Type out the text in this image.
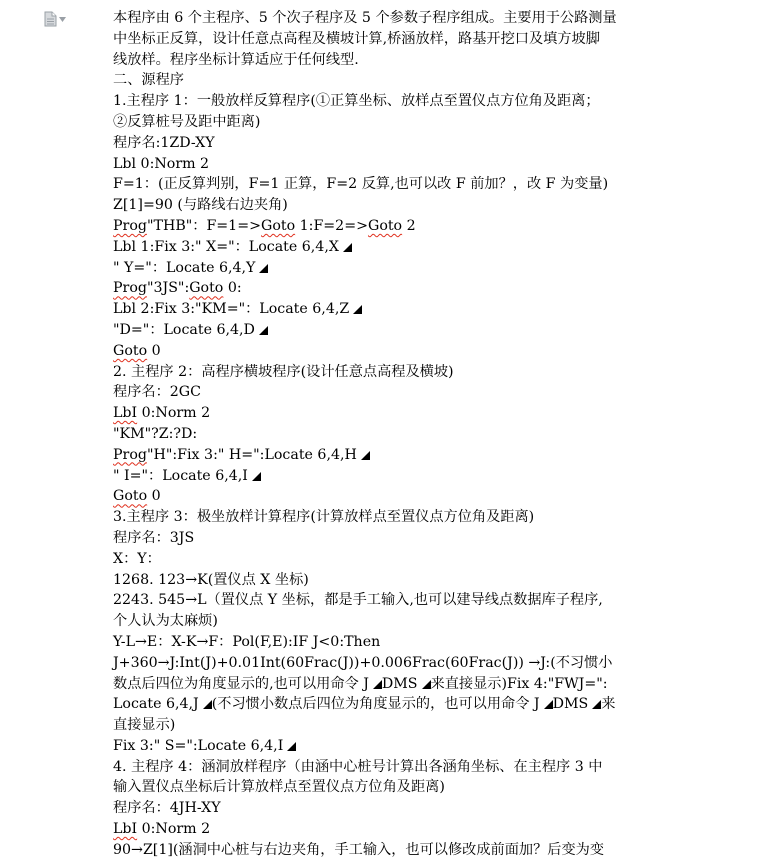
本程序由 6 个主程序、5 个次子程序及 5 个参数子程序组成。主要用于公路测量
中坐标正反算，设计任意点高程及横坡计算,桥涵放样，路基开挖口及填方坡脚
线放样。程序坐标计算适应于任何线型.
二、源程序
1.主程序 1：一般放样反算程序(①正算坐标、放样点至置仪点方位角及距离；
②反算桩号及距中距离)
程序名:1ZD-XY
Lbl 0:Norm 2
F=1：(正反算判别，F=1 正算，F=2 反算,也可以改 F 前加？，改 F 为变量)
Z[1]=90 (与路线右边夹角)
Prog"THB"：F=1=>Goto 1:F=2=>Goto 2
Lbl 1:Fix 3:" X="：Locate 6,4,X
" Y="：Locate 6,4,Y
Prog"3JS":Goto 0:
Lbl 2:Fix 3:"KM="：Locate 6,4,Z
"D="：Locate 6,4,D
Goto 0
2. 主程序 2：高程序横坡程序(设计任意点高程及横坡)
程序名：2GC
LbI 0:Norm 2
"KM"?Z:?D:
Prog"H":Fix 3:" H=":Locate 6,4,H
" I="：Locate 6,4,I
Goto 0
3.主程序 3：极坐放样计算程序(计算放样点至置仪点方位角及距离)
程序名：3JS
X：Y：
1268. 123→K(置仪点 X 坐标)
2243. 545→L（置仪点 Y 坐标，都是手工输入,也可以建导线点数据库子程序,
个人认为太麻烦)
Y-L→E：X-K→F：Pol(F,E):IF J<0:Then
J+360→J:Int(J)+0.01Int(60Frac(J))+0.006Frac(60Frac(J)) →J:(不习惯小
数点后四位为角度显示的,也可以用命令 J DMS 来直接显示)Fix 4:"FWJ=":
Locate 6,4,J (不习惯小数点后四位为角度显示的，也可以用命令 J DMS 来
直接显示)
Fix 3:" S=":Locate 6,4,I
4. 主程序 4：涵洞放样程序（由涵中心桩号计算出各涵角坐标、在主程序 3 中
输入置仪点坐标后计算放样点至置仪点方位角及距离)
程序名：4JH-XY
LbI 0:Norm 2
90→Z[1](涵洞中心桩与右边夹角，手工输入，也可以修改成前面加？后变为变
